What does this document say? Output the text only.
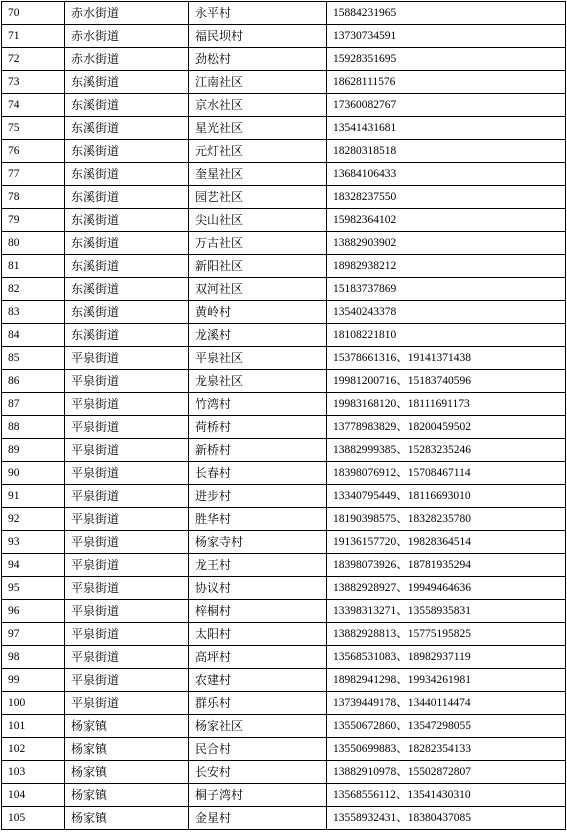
70	赤水街道	永平村	15884231965
71	赤水街道	福民坝村	13730734591
72	赤水街道	劲松村	15928351695
73	东溪街道	江南社区	18628111576
74	东溪街道	京水社区	17360082767
75	东溪街道	星光社区	13541431681
76	东溪街道	元灯社区	18280318518
77	东溪街道	奎星社区	13684106433
78	东溪街道	园艺社区	18328237550
79	东溪街道	尖山社区	15982364102
80	东溪街道	万古社区	13882903902
81	东溪街道	新阳社区	18982938212
82	东溪街道	双河社区	15183737869
83	东溪街道	黄岭村	13540243378
84	东溪街道	龙溪村	18108221810
85	平泉街道	平泉社区	15378661316、19141371438
86	平泉街道	龙泉社区	19981200716、15183740596
87	平泉街道	竹湾村	19983168120、18111691173
88	平泉街道	荷桥村	13778983829、18200459502
89	平泉街道	新桥村	13882999385、15283235246
90	平泉街道	长春村	18398076912、15708467114
91	平泉街道	进步村	13340795449、18116693010
92	平泉街道	胜华村	18190398575、18328235780
93	平泉街道	杨家寺村	19136157720、19828364514
94	平泉街道	龙王村	18398073926、18781935294
95	平泉街道	协议村	13882928927、19949464636
96	平泉街道	梓桐村	13398313271、13558935831
97	平泉街道	太阳村	13882928813、15775195825
98	平泉街道	高坪村	13568531083、18982937119
99	平泉街道	农建村	18982941298、19934261981
100	平泉街道	群乐村	13739449178、13440114474
101	杨家镇	杨家社区	13550672860、13547298055
102	杨家镇	民合村	13550699883、18282354133
103	杨家镇	长安村	13882910978、15502872807
104	杨家镇	桐子湾村	13568556112、13541430310
105	杨家镇	金星村	13558932431、18380437085
